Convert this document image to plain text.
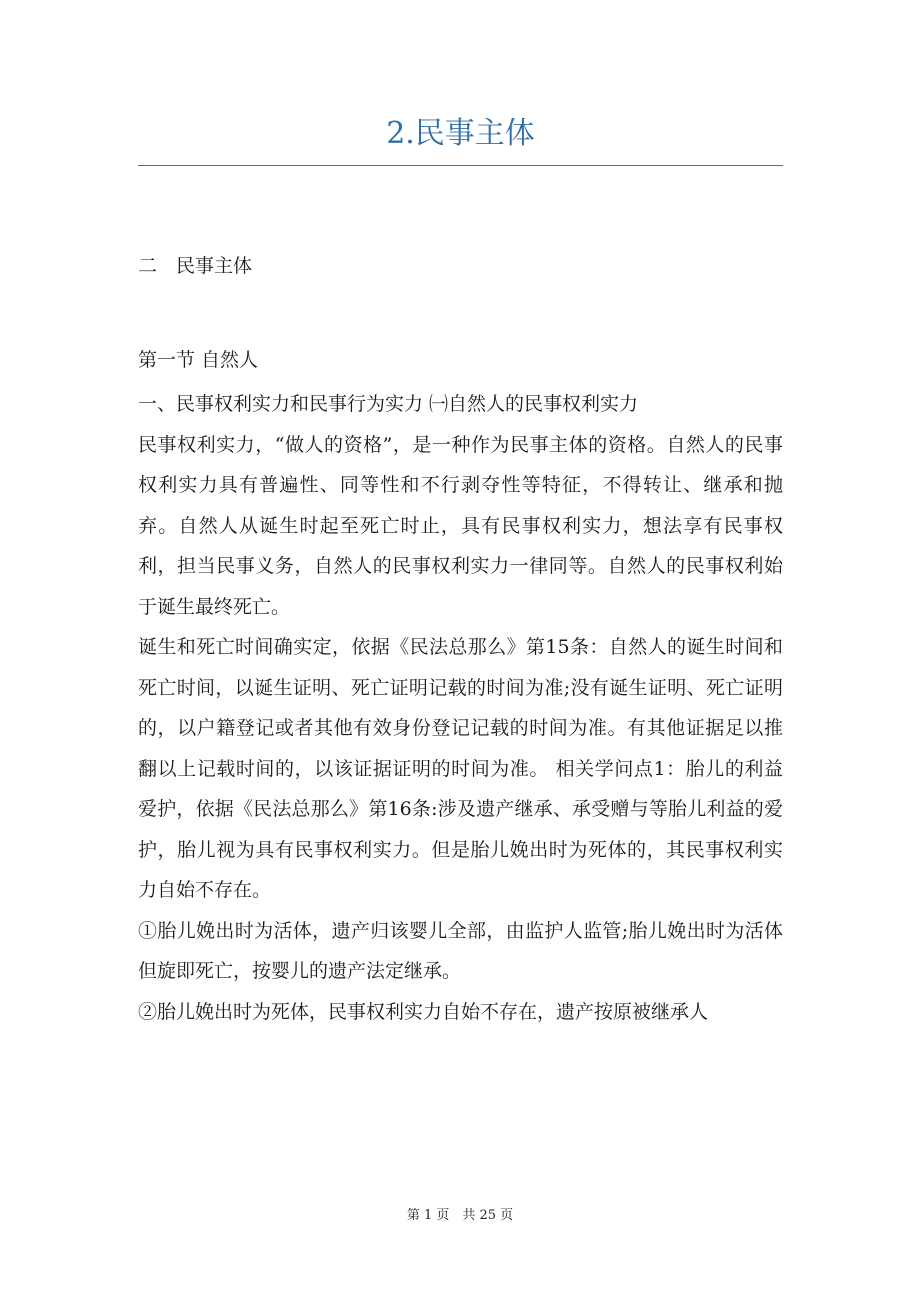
2.民事主体
二　民事主体
第一节 自然人

一、民事权利实力和民事行为实力 ㈠自然人的民事权利实力

民事权利实力，“做人的资格”，是一种作为民事主体的资格。自然人的民事权利实力具有普遍性、同等性和不行剥夺性等特征，不得转让、继承和抛弃。自然人从诞生时起至死亡时止，具有民事权利实力，想法享有民事权利，担当民事义务，自然人的民事权利实力一律同等。自然人的民事权利始于诞生最终死亡。

诞生和死亡时间确实定，依据《民法总那么》第15条：自然人的诞生时间和死亡时间，以诞生证明、死亡证明记载的时间为准;没有诞生证明、死亡证明的，以户籍登记或者其他有效身份登记记载的时间为准。有其他证据足以推翻以上记载时间的，以该证据证明的时间为准。 相关学问点1：胎儿的利益爱护，依据《民法总那么》第16条:涉及遗产继承、承受赠与等胎儿利益的爱护，胎儿视为具有民事权利实力。但是胎儿娩出时为死体的，其民事权利实力自始不存在。

①胎儿娩出时为活体，遗产归该婴儿全部，由监护人监管;胎儿娩出时为活体但旋即死亡，按婴儿的遗产法定继承。

②胎儿娩出时为死体，民事权利实力自始不存在，遗产按原被继承人

第 1 页　共 25 页
